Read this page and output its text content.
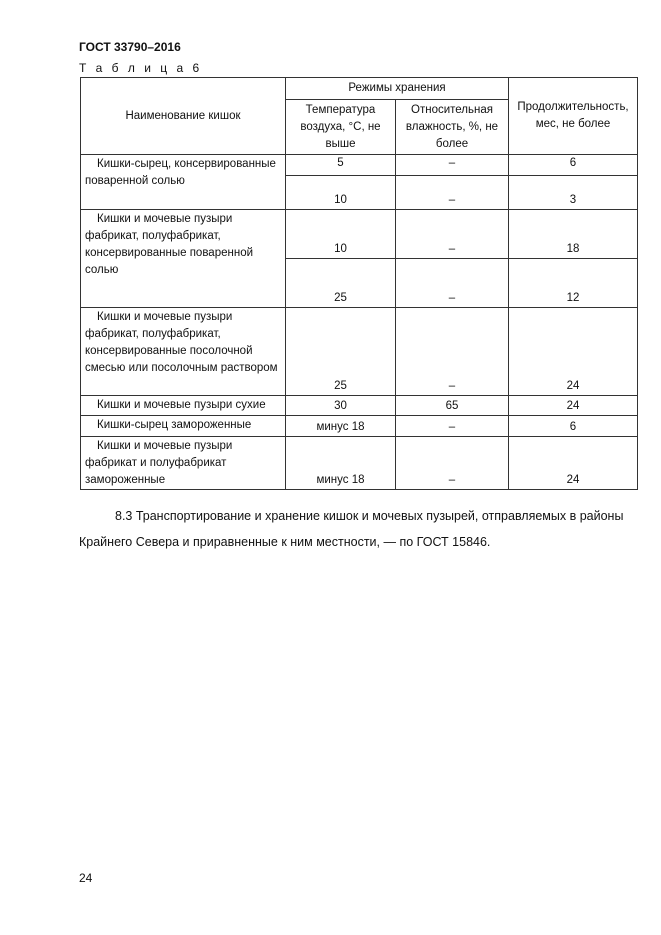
ГОСТ 33790–2016
Т а б л и ц а 6
Наименование кишок	Режимы хранения		Продолжительность, мес, не более
	Температура воздуха, °С, не выше	Относительная влажность, %, не более	

Кишки-сырец, консервированные поваренной солью	5	–	6
	10	–	3

Кишки и мочевые пузыри фабрикат, полуфабрикат, консервированные поваренной солью	10	–	18
	25	–	12

Кишки и мочевые пузыри фабрикат, полуфабрикат, консервированные посолочной смесью или посолочным раствором	25	–	24

Кишки и мочевые пузыри сухие	30	65	24

Кишки-сырец замороженные	минус 18	–	6

Кишки и мочевые пузыри фабрикат и полуфабрикат замороженные	минус 18	–	24
8.3 Транспортирование и хранение кишок и мочевых пузырей, отправляемых в районы Крайнего Севера и приравненные к ним местности, — по ГОСТ 15846.
24
